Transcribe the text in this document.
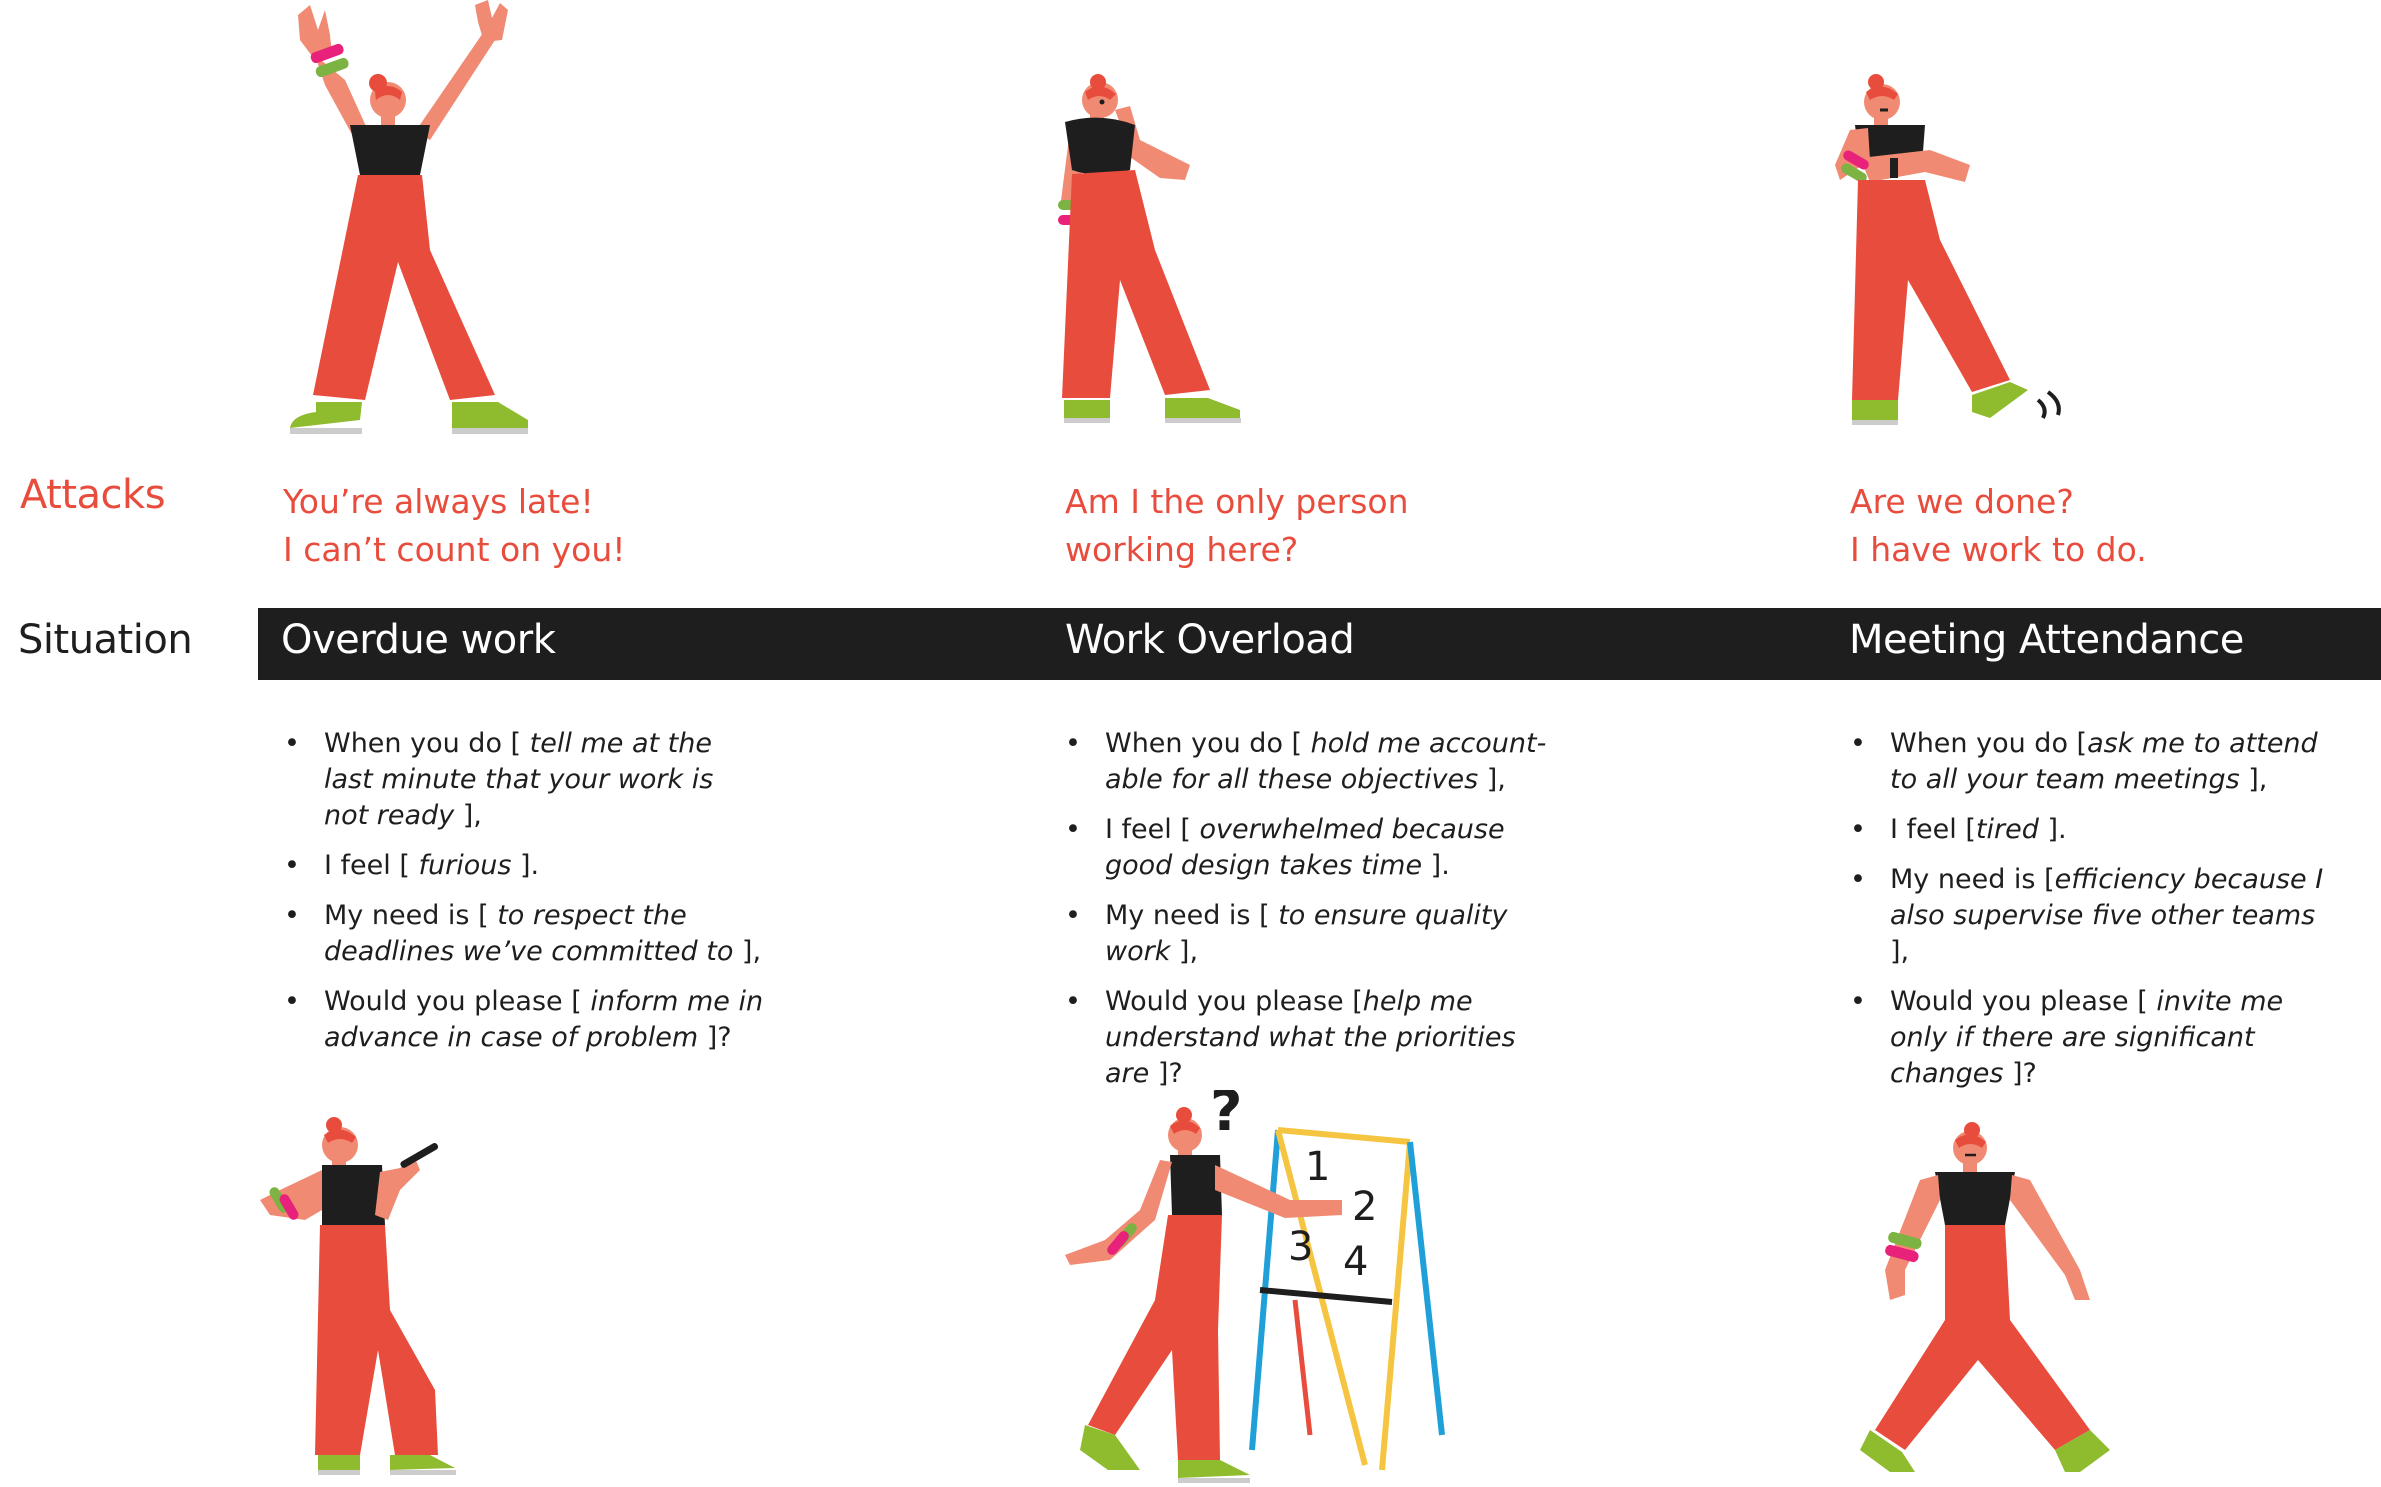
Attacks
Situation
You’re always late!
I can’t count on you!
Am I the only person
working here?
Are we done?
I have work to do.
Overdue work	Work Overload	Meeting Attendance
• When you do [ tell me at the last minute that your work is not ready ],
• I feel [ furious ].
• My need is [ to respect the deadlines we’ve committed to ],
• Would you please [ inform me in advance in case of problem ]?
• When you do [ hold me account-able for all these objectives ],
• I feel [ overwhelmed because good design takes time ].
• My need is [ to ensure quality work ],
• Would you please [help me understand what the priorities are ]?
• When you do [ask me to attend to all your team meetings ],
• I feel [tired ].
• My need is [efficiency because I also supervise five other teams ],
• Would you please [ invite me only if there are significant changes ]?
?
1
2
3 4
